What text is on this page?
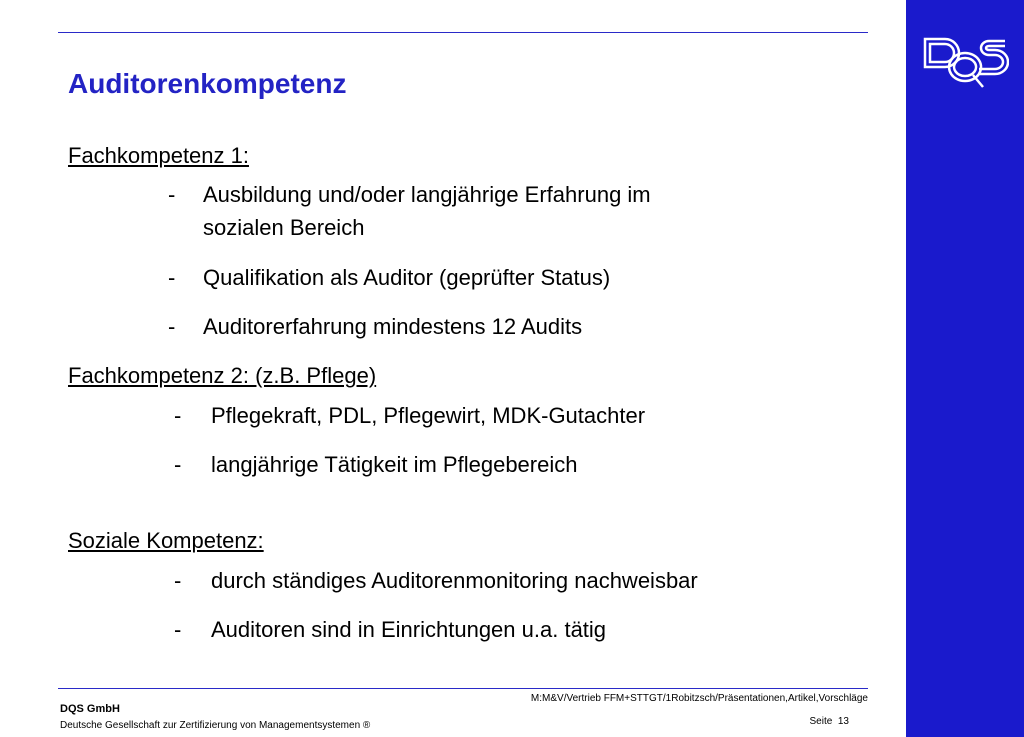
Auditorenkompetenz
Fachkompetenz 1:
- Ausbildung und/oder langjährige Erfahrung im
sozialen Bereich
- Qualifikation als Auditor (geprüfter Status)
- Auditorerfahrung mindestens 12 Audits
Fachkompetenz 2: (z.B. Pflege)
- Pflegekraft, PDL, Pflegewirt, MDK-Gutachter
- langjährige Tätigkeit im Pflegebereich
Soziale Kompetenz:
- durch ständiges Auditorenmonitoring nachweisbar
- Auditoren sind in Einrichtungen u.a. tätig
M:M&V/Vertrieb FFM+STTGT/1Robitzsch/Präsentationen,Artikel,Vorschläge
DQS GmbH
Deutsche Gesellschaft zur Zertifizierung von Managementsystemen ®	Seite 13
